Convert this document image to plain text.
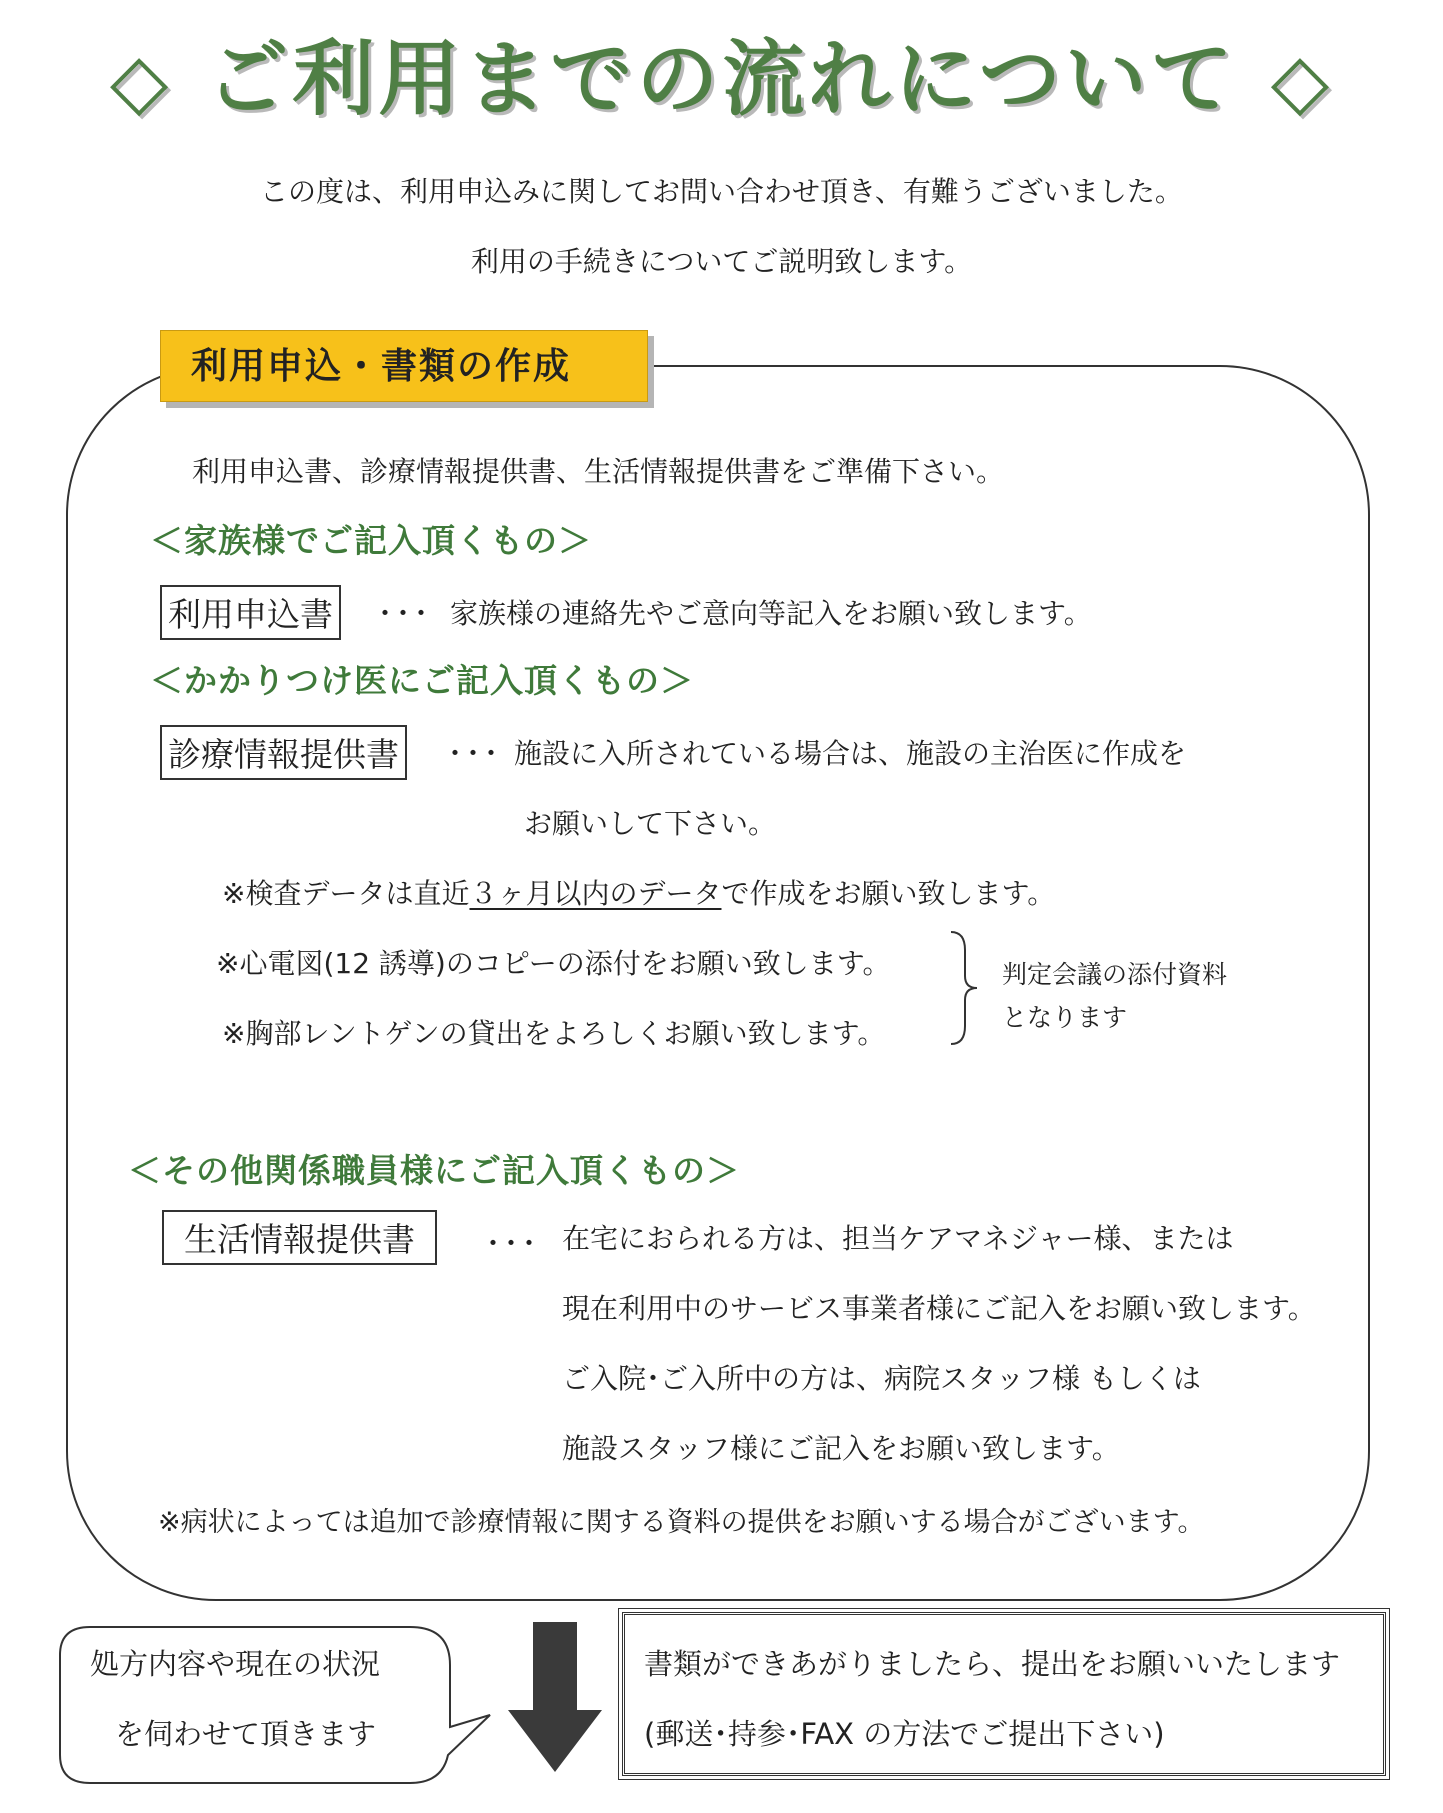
◇ ご利用までの流れについて ◇
この度は、利用申込みに関してお問い合わせ頂き、有難うございました。
利用の手続きについてご説明致します。
利用申込・書類の作成
利用申込書、診療情報提供書、生活情報提供書をご準備下さい。
＜家族様でご記入頂くもの＞
利用申込書 ･･･ 家族様の連絡先やご意向等記入をお願い致します。
＜かかりつけ医にご記入頂くもの＞
診療情報提供書 ･･･ 施設に入所されている場合は、施設の主治医に作成を
お願いして下さい。
※検査データは直近３ヶ月以内のデータで作成をお願い致します。
※心電図(12 誘導)のコピーの添付をお願い致します。
※胸部レントゲンの貸出をよろしくお願い致します。
判定会議の添付資料
となります
＜その他関係職員様にご記入頂くもの＞
生活情報提供書	･･･ 在宅におられる方は、担当ケアマネジャー様、または
現在利用中のサービス事業者様にご記入をお願い致します。
ご入院･ご入所中の方は、病院スタッフ様 もしくは
施設スタッフ様にご記入をお願い致します。
※病状によっては追加で診療情報に関する資料の提供をお願いする場合がございます。
処方内容や現在の状況
を伺わせて頂きます
書類ができあがりましたら、提出をお願いいたします
(郵送･持参･FAX の方法でご提出下さい)
